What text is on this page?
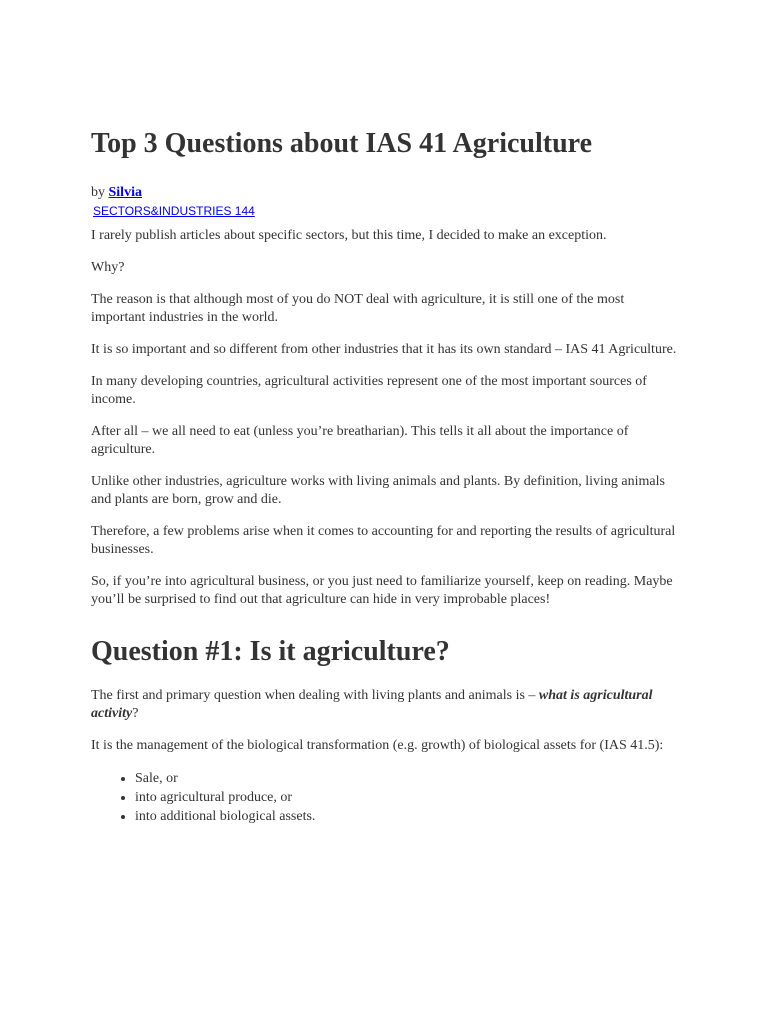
Top 3 Questions about IAS 41 Agriculture

by Silvia

SECTORS&INDUSTRIES 144

I rarely publish articles about specific sectors, but this time, I decided to make an exception.

Why?

The reason is that although most of you do NOT deal with agriculture, it is still one of the most important industries in the world.

It is so important and so different from other industries that it has its own standard – IAS 41 Agriculture.

In many developing countries, agricultural activities represent one of the most important sources of income.

After all – we all need to eat (unless you’re breatharian). This tells it all about the importance of agriculture.

Unlike other industries, agriculture works with living animals and plants. By definition, living animals and plants are born, grow and die.

Therefore, a few problems arise when it comes to accounting for and reporting the results of agricultural businesses.

So, if you’re into agricultural business, or you just need to familiarize yourself, keep on reading. Maybe you’ll be surprised to find out that agriculture can hide in very improbable places!

Question #1: Is it agriculture?

The first and primary question when dealing with living plants and animals is – what is agricultural activity?

It is the management of the biological transformation (e.g. growth) of biological assets for (IAS 41.5):

• Sale, or
• into agricultural produce, or
• into additional biological assets.
